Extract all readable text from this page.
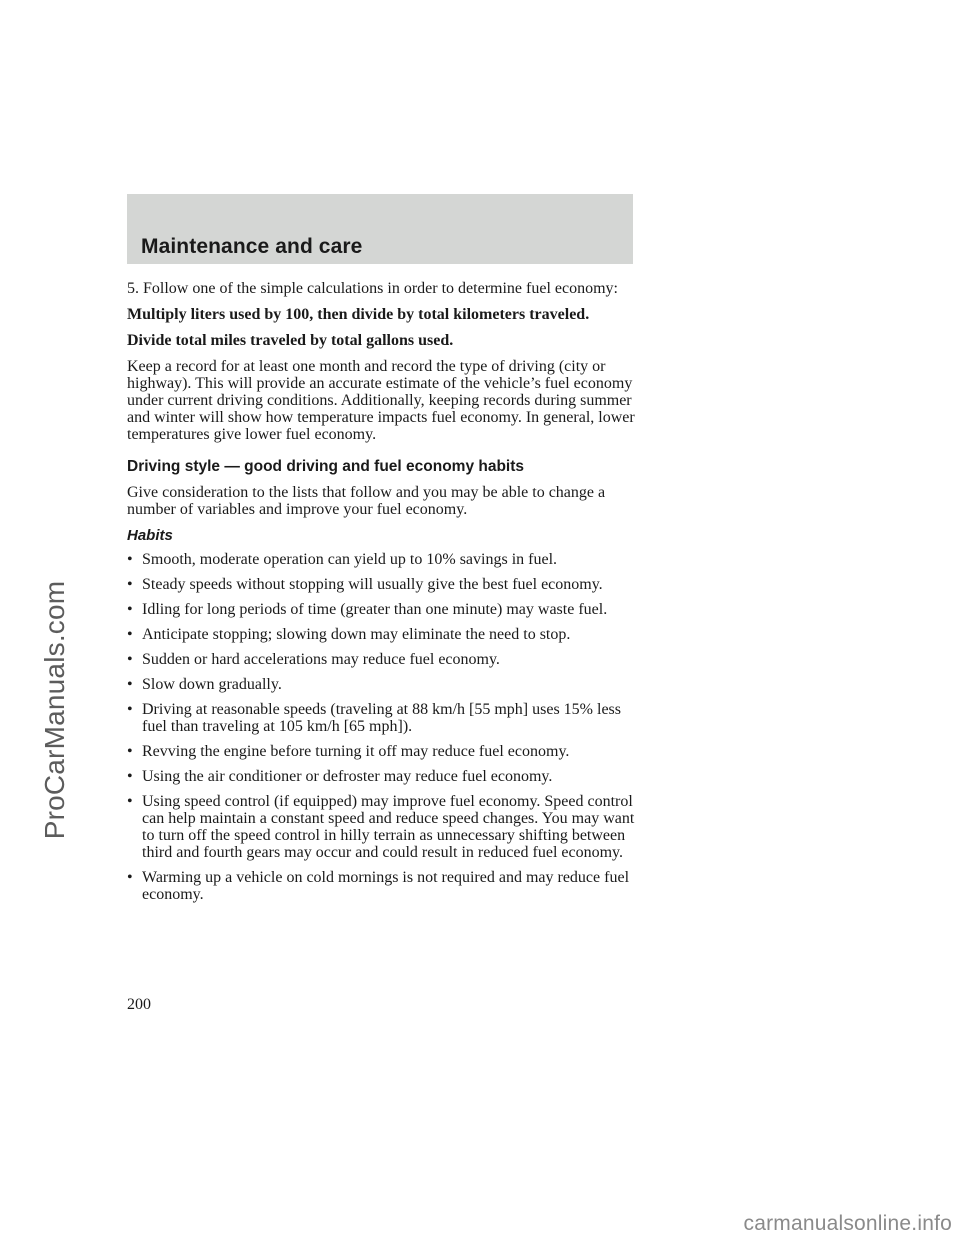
Maintenance and care

5. Follow one of the simple calculations in order to determine fuel economy:

Multiply liters used by 100, then divide by total kilometers traveled.

Divide total miles traveled by total gallons used.

Keep a record for at least one month and record the type of driving (city or highway). This will provide an accurate estimate of the vehicle’s fuel economy under current driving conditions. Additionally, keeping records during summer and winter will show how temperature impacts fuel economy. In general, lower temperatures give lower fuel economy.

Driving style — good driving and fuel economy habits

Give consideration to the lists that follow and you may be able to change a number of variables and improve your fuel economy.

Habits
• Smooth, moderate operation can yield up to 10% savings in fuel.
• Steady speeds without stopping will usually give the best fuel economy.
• Idling for long periods of time (greater than one minute) may waste fuel.
• Anticipate stopping; slowing down may eliminate the need to stop.
• Sudden or hard accelerations may reduce fuel economy.
• Slow down gradually.
• Driving at reasonable speeds (traveling at 88 km/h [55 mph] uses 15% less fuel than traveling at 105 km/h [65 mph]).
• Revving the engine before turning it off may reduce fuel economy.
• Using the air conditioner or defroster may reduce fuel economy.
• Using speed control (if equipped) may improve fuel economy. Speed control can help maintain a constant speed and reduce speed changes. You may want to turn off the speed control in hilly terrain as unnecessary shifting between third and fourth gears may occur and could result in reduced fuel economy.
• Warming up a vehicle on cold mornings is not required and may reduce fuel economy.
200
ProCarManuals.com
carmanualsonline.info
